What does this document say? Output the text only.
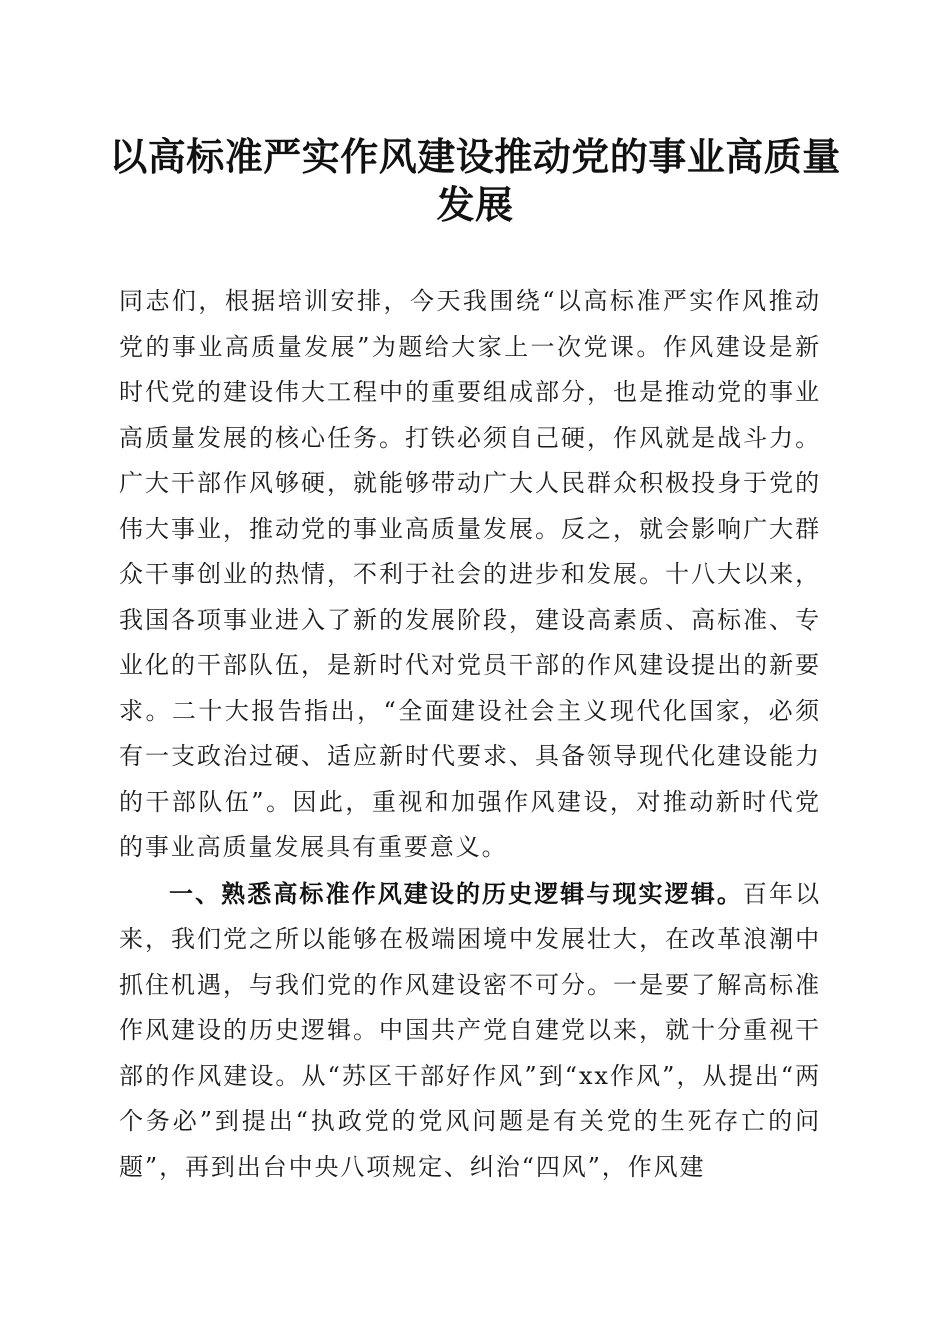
以高标准严实作风建设推动党的事业高质量发展

同志们，根据培训安排，今天我围绕“以高标准严实作风推动党的事业高质量发展”为题给大家上一次党课。作风建设是新时代党的建设伟大工程中的重要组成部分，也是推动党的事业高质量发展的核心任务。打铁必须自己硬，作风就是战斗力。广大干部作风够硬，就能够带动广大人民群众积极投身于党的伟大事业，推动党的事业高质量发展。反之，就会影响广大群众干事创业的热情，不利于社会的进步和发展。十八大以来，我国各项事业进入了新的发展阶段，建设高素质、高标准、专业化的干部队伍，是新时代对党员干部的作风建设提出的新要求。二十大报告指出，“全面建设社会主义现代化国家，必须有一支政治过硬、适应新时代要求、具备领导现代化建设能力的干部队伍”。因此，重视和加强作风建设，对推动新时代党的事业高质量发展具有重要意义。

一、熟悉高标准作风建设的历史逻辑与现实逻辑。百年以来，我们党之所以能够在极端困境中发展壮大，在改革浪潮中抓住机遇，与我们党的作风建设密不可分。一是要了解高标准作风建设的历史逻辑。中国共产党自建党以来，就十分重视干部的作风建设。从“苏区干部好作风”到“xx作风”，从提出“两个务必”到提出“执政党的党风问题是有关党的生死存亡的问题”，再到出台中央八项规定、纠治“四风”，作风建
